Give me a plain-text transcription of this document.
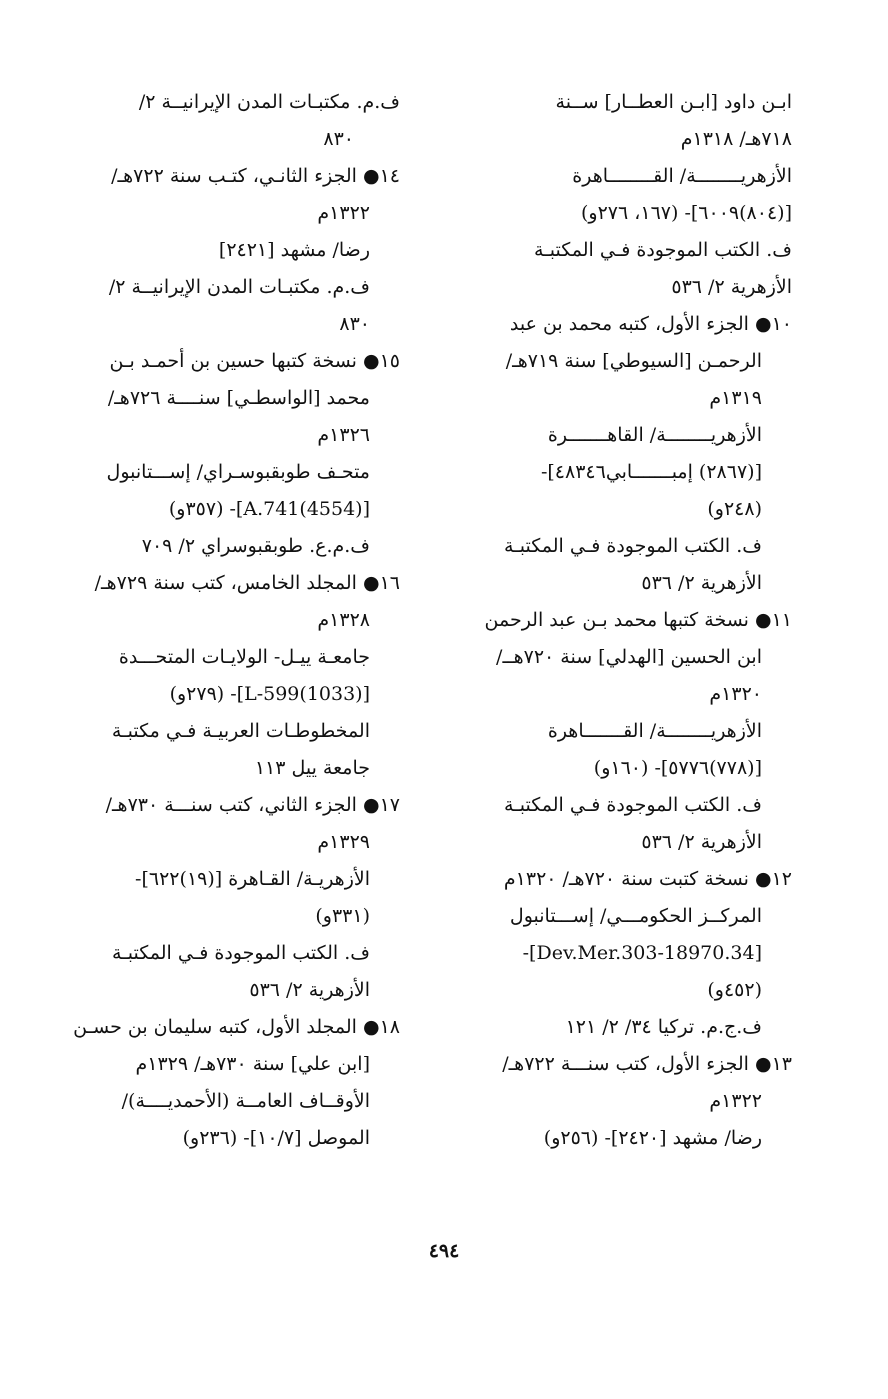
ابـن داود [ابـن العطــار] ســنة

٧١٨هـ/ ١٣١٨م

الأزهريــــــــة/ القــــــــاهرة

[(٨٠٤)٦٠٠٩]- (١٦٧، ٢٧٦و)

ف. الكتب الموجودة فـي المكتبـة

الأزهرية ٢/ ٥٣٦

١٠● الجزء الأول، كتبه محمد بن عبد

الرحمـن [السيوطي] سنة ٧١٩هـ/

١٣١٩م

الأزهريــــــــة/ القاهـــــــرة

[(٢٨٦٧) إمبـــــــابي٤٨٣٤٦]-

(٢٤٨و)

ف. الكتب الموجودة فـي المكتبـة

الأزهرية ٢/ ٥٣٦

١١● نسخة كتبها محمد بـن عبد الرحمن

ابن الحسين [الهدلي] سنة ٧٢٠هــ/

١٣٢٠م

الأزهريــــــــة/ القـــــــاهرة

[(٧٧٨)٥٧٧٦]- (١٦٠و)

ف. الكتب الموجودة فـي المكتبـة

الأزهرية ٢/ ٥٣٦

١٢● نسخة كتبت سنة ٧٢٠هـ/ ١٣٢٠م

المركــز الحكومـــي/ إســـتانبول

[34.Dev.Mer.303-18970]-

(٤٥٢و)

ف.ج.م. تركيا ٣٤/ ٢/ ١٢١

١٣● الجزء الأول، كتب سنـــة ٧٢٢هـ/

١٣٢٢م

رضا/ مشهد [٢٤٢٠]- (٢٥٦و)

ف.م. مكتبـات المدن الإيرانيــة ٢/

٨٣٠

١٤● الجزء الثانـي، كتـب سنة ٧٢٢هـ/

١٣٢٢م

رضا/ مشهد [٢٤٢١]

ف.م. مكتبـات المدن الإيرانيــة ٢/

٨٣٠

١٥● نسخة كتبها حسين بن أحمـد بـن

محمد [الواسطـي] سنــــة ٧٢٦هـ/

١٣٢٦م

متحـف طوبقبوسـراي/ إســـتانبول

[(4554)A.741]- (٣٥٧و)

ف.م.ع. طوبقبوسراي ٢/ ٧٠٩

١٦● المجلد الخامس، كتب سنة ٧٢٩هـ/

١٣٢٨م

جامعـة ييـل- الولايـات المتحـــدة

[(1033)L-599]- (٢٧٩و)

المخطوطـات العربيـة فـي مكتبـة

جامعة ييل ١١٣

١٧● الجزء الثاني، كتب سنـــة ٧٣٠هـ/

١٣٢٩م

الأزهريـة/ القـاهرة [(١٩)٦٢٢]-

(٣٣١و)

ف. الكتب الموجودة فـي المكتبـة

الأزهرية ٢/ ٥٣٦

١٨● المجلد الأول، كتبه سليمان بن حسـن

[ابن علي] سنة ٧٣٠هـ/ ١٣٢٩م

الأوقــاف العامــة (الأحمديــــة)/

الموصل [١٠/٧]- (٢٣٦و)

٤٩٤
